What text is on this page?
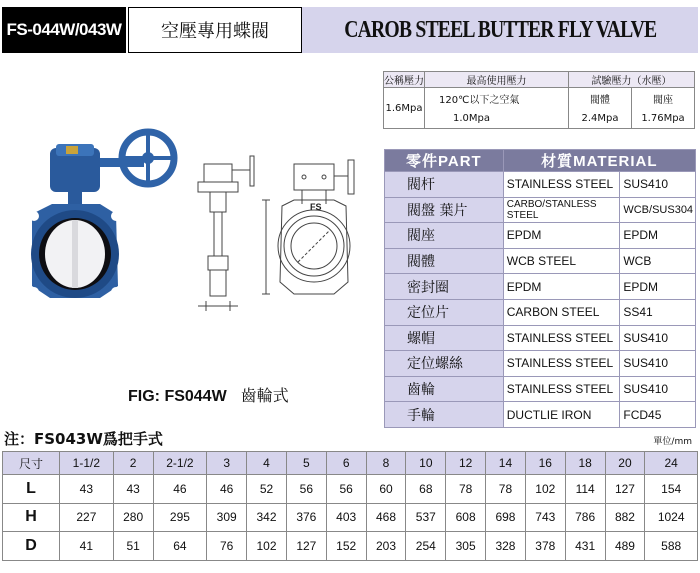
FS-044W/043W	空壓專用蝶閥	CAROB STEEL BUTTER FLY VALVE
FS
公稱壓力	最高使用壓力	試驗壓力（水壓）	
1.6Mpa	120℃以下之空氣	閥體	閥座
	1.0Mpa	2.4Mpa	1.76Mpa
零件PART	材質MATERIAL	
閥杆	STAINLESS STEEL	SUS410
閥盤 葉片	CARBO/STANLESS STEEL	WCB/SUS304
閥座	EPDM	EPDM
閥體	WCB STEEL	WCB
密封圈	EPDM	EPDM
定位片	CARBON STEEL	SS41
螺帽	STAINLESS STEEL	SUS410
定位螺絲	STAINLESS STEEL	SUS410
齒輪	STAINLESS STEEL	SUS410
手輪	DUCTLIE IRON	FCD45
FIG: FS044W 齒輪式
注：FS043W爲把手式	單位/mm
尺寸	1-1/2	2	2-1/2	3	4	5	6	8	10	12	14	16	18	20	24
L	43	43	46	46	52	56	56	60	68	78	78	102	114	127	154
H	227	280	295	309	342	376	403	468	537	608	698	743	786	882	1024
D	41	51	64	76	102	127	152	203	254	305	328	378	431	489	588
